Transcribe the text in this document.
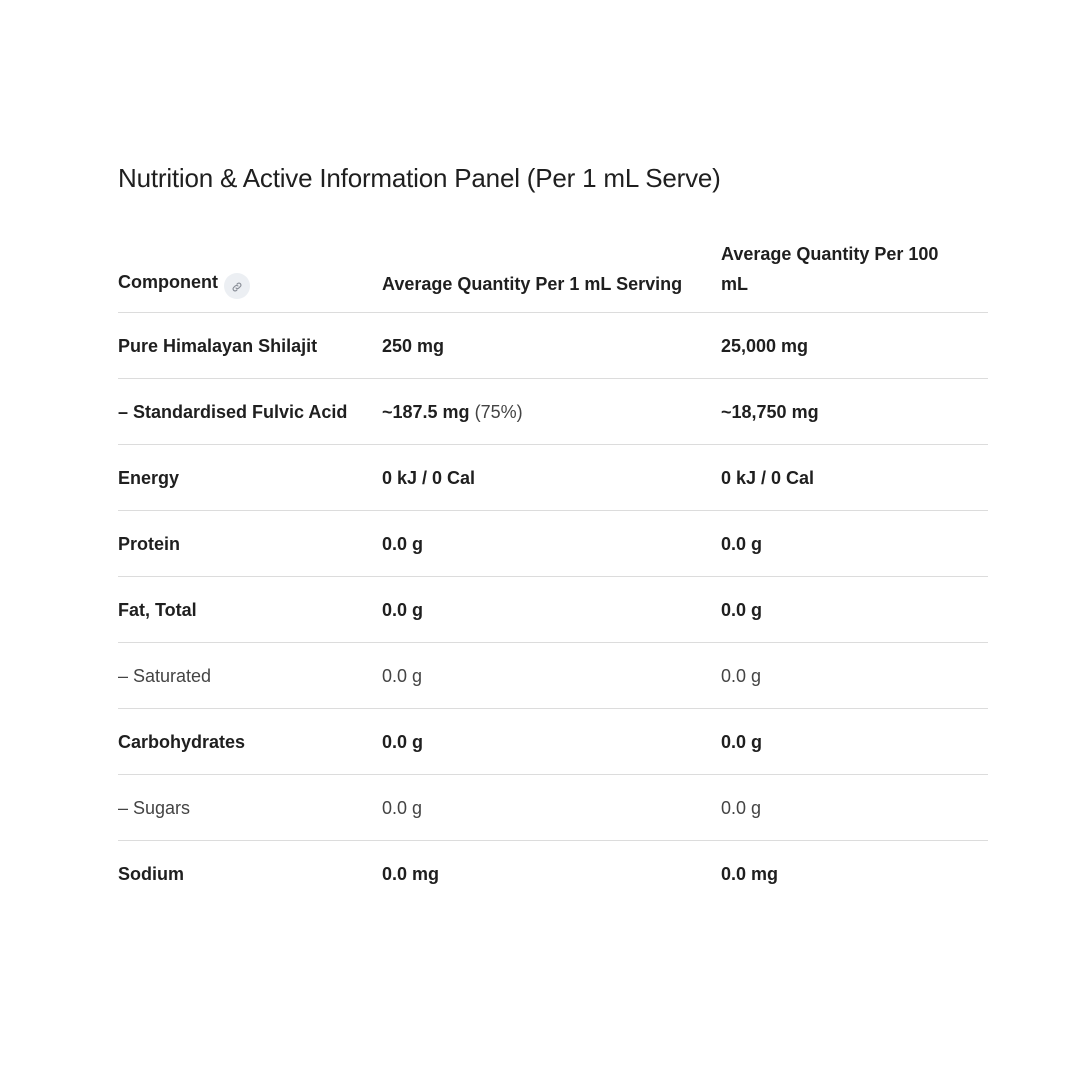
Nutrition & Active Information Panel (Per 1 mL Serve)
Component	Average Quantity Per 1 mL Serving	Average Quantity Per 100 mL
Pure Himalayan Shilajit	250 mg	25,000 mg
– Standardised Fulvic Acid	~187.5 mg (75%)	~18,750 mg
Energy	0 kJ / 0 Cal	0 kJ / 0 Cal
Protein	0.0 g	0.0 g
Fat, Total	0.0 g	0.0 g
– Saturated	0.0 g	0.0 g
Carbohydrates	0.0 g	0.0 g
– Sugars	0.0 g	0.0 g
Sodium	0.0 mg	0.0 mg
